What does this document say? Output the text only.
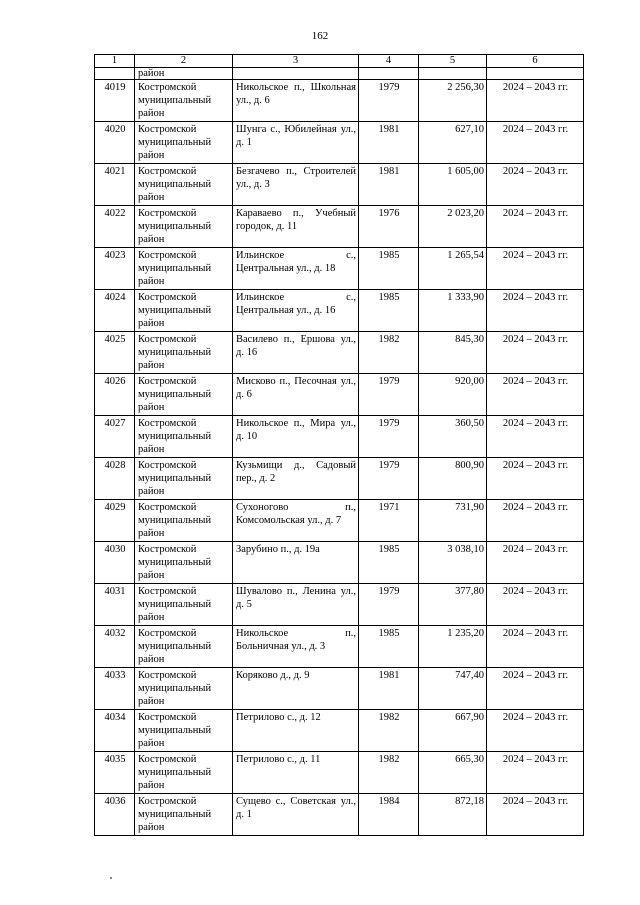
162
1	2	3	4	5	6
	район				
4019	Костромской муниципальный район	Никольское п., Школьная ул., д. 6	1979	2 256,30	2024 – 2043 гг.
4020	Костромской муниципальный район	Шунга с., Юбилейная ул., д. 1	1981	627,10	2024 – 2043 гг.
4021	Костромской муниципальный район	Безгачево п., Строителей ул., д. 3	1981	1 605,00	2024 – 2043 гг.
4022	Костромской муниципальный район	Караваево п., Учебный городок, д. 11	1976	2 023,20	2024 – 2043 гг.
4023	Костромской муниципальный район	Ильинское с., Центральная ул., д. 18	1985	1 265,54	2024 – 2043 гг.
4024	Костромской муниципальный район	Ильинское с., Центральная ул., д. 16	1985	1 333,90	2024 – 2043 гг.
4025	Костромской муниципальный район	Василево п., Ершова ул., д. 16	1982	845,30	2024 – 2043 гг.
4026	Костромской муниципальный район	Мисково п., Песочная ул., д. 6	1979	920,00	2024 – 2043 гг.
4027	Костромской муниципальный район	Никольское п., Мира ул., д. 10	1979	360,50	2024 – 2043 гг.
4028	Костромской муниципальный район	Кузьмищи д., Садовый пер., д. 2	1979	800,90	2024 – 2043 гг.
4029	Костромской муниципальный район	Сухоногово п., Комсомольская ул., д. 7	1971	731,90	2024 – 2043 гг.
4030	Костромской муниципальный район	Зарубино п., д. 19а	1985	3 038,10	2024 – 2043 гг.
4031	Костромской муниципальный район	Шувалово п., Ленина ул., д. 5	1979	377,80	2024 – 2043 гг.
4032	Костромской муниципальный район	Никольское п., Больничная ул., д. 3	1985	1 235,20	2024 – 2043 гг.
4033	Костромской муниципальный район	Коряково д., д. 9	1981	747,40	2024 – 2043 гг.
4034	Костромской муниципальный район	Петрилово с., д. 12	1982	667,90	2024 – 2043 гг.
4035	Костромской муниципальный район	Петрилово с., д. 11	1982	665,30	2024 – 2043 гг.
4036	Костромской муниципальный район	Сущево с., Советская ул., д. 1	1984	872,18	2024 – 2043 гг.
